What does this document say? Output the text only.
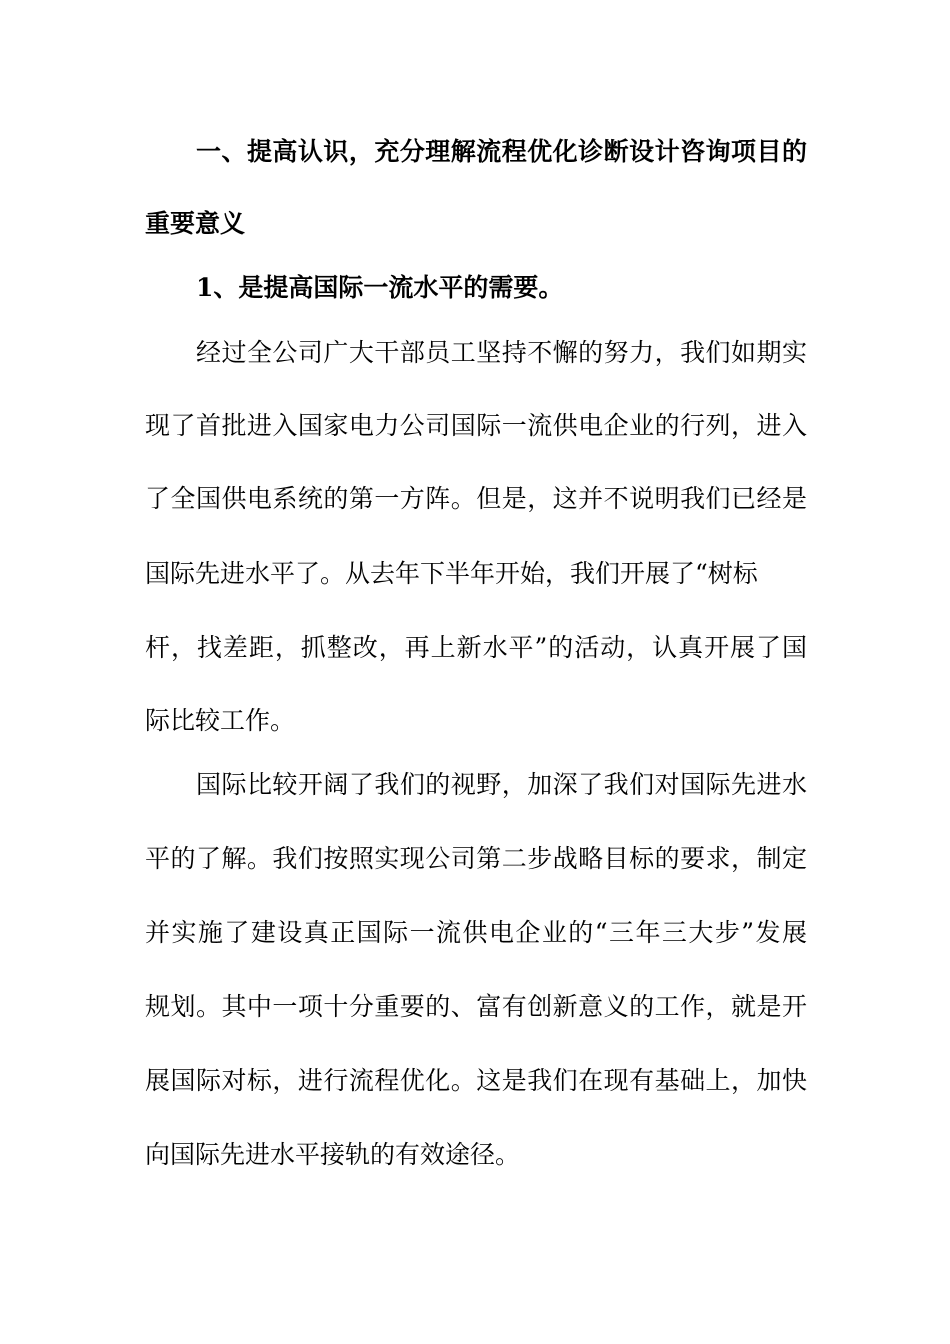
一、提高认识，充分理解流程优化诊断设计咨询项目的
重要意义
1、是提高国际一流水平的需要。
经过全公司广大干部员工坚持不懈的努力，我们如期实
现了首批进入国家电力公司国际一流供电企业的行列，进入
了全国供电系统的第一方阵。但是，这并不说明我们已经是
国际先进水平了。从去年下半年开始，我们开展了“树标
杆，找差距，抓整改，再上新水平”的活动，认真开展了国
际比较工作。
国际比较开阔了我们的视野，加深了我们对国际先进水
平的了解。我们按照实现公司第二步战略目标的要求，制定
并实施了建设真正国际一流供电企业的“三年三大步”发展
规划。其中一项十分重要的、富有创新意义的工作，就是开
展国际对标，进行流程优化。这是我们在现有基础上，加快
向国际先进水平接轨的有效途径。
